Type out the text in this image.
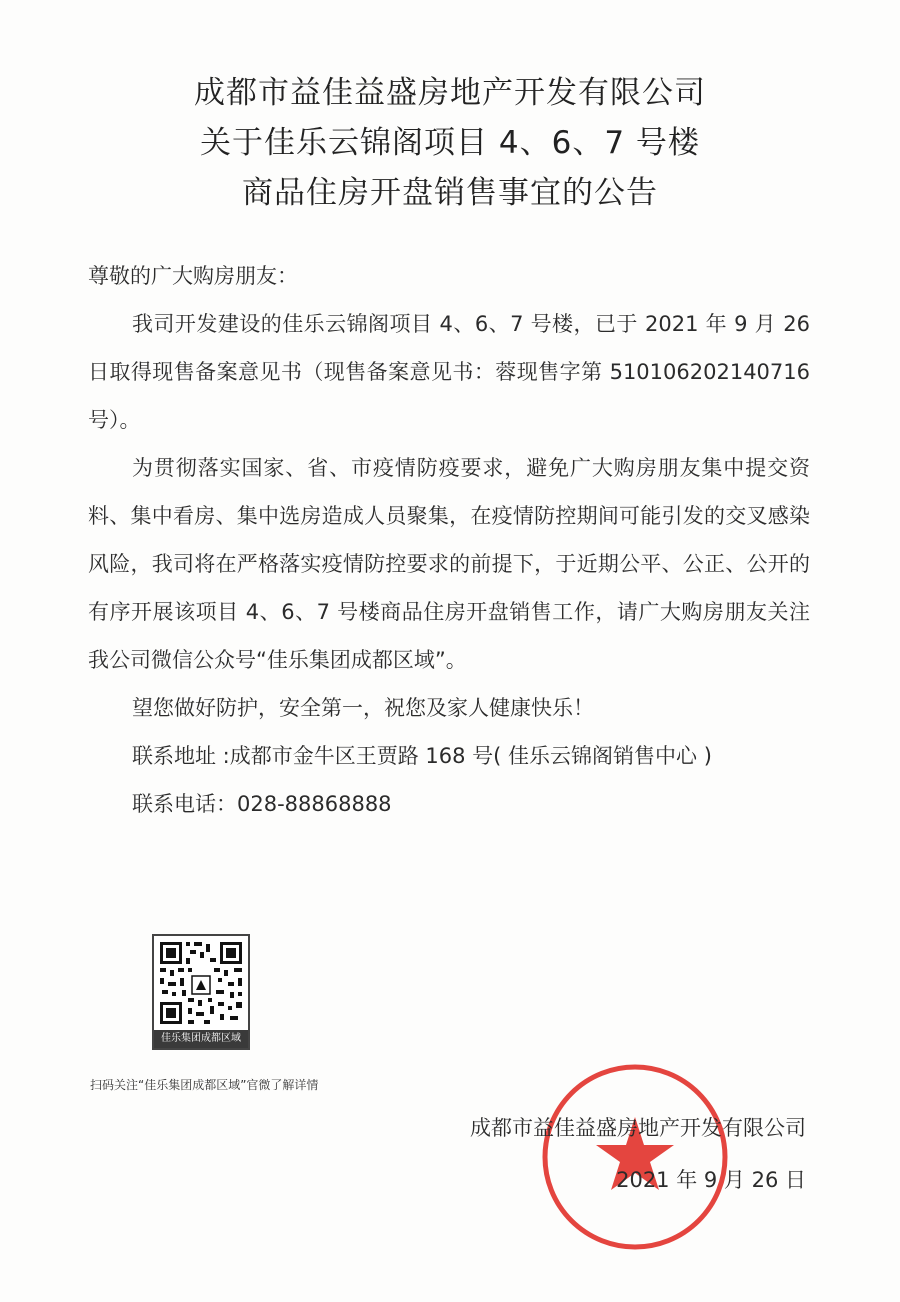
成都市益佳益盛房地产开发有限公司
关于佳乐云锦阁项目 4、6、7 号楼
商品住房开盘销售事宜的公告

尊敬的广大购房朋友：

我司开发建设的佳乐云锦阁项目 4、6、7 号楼，已于 2021 年 9 月 26 日取得现售备案意见书（现售备案意见书：蓉现售字第 510106202140716 号）。

为贯彻落实国家、省、市疫情防疫要求，避免广大购房朋友集中提交资料、集中看房、集中选房造成人员聚集，在疫情防控期间可能引发的交叉感染风险，我司将在严格落实疫情防控要求的前提下，于近期公平、公正、公开的有序开展该项目 4、6、7 号楼商品住房开盘销售工作，请广大购房朋友关注我公司微信公众号“佳乐集团成都区域”。

望您做好防护，安全第一，祝您及家人健康快乐！

联系地址 :成都市金牛区王贾路 168 号( 佳乐云锦阁销售中心 )

联系电话：028-88868888

佳乐集团成都区域
扫码关注“佳乐集团成都区域”官微了解详情
成都市益佳益盛房地产开发有限公司
2021 年 9 月 26 日
